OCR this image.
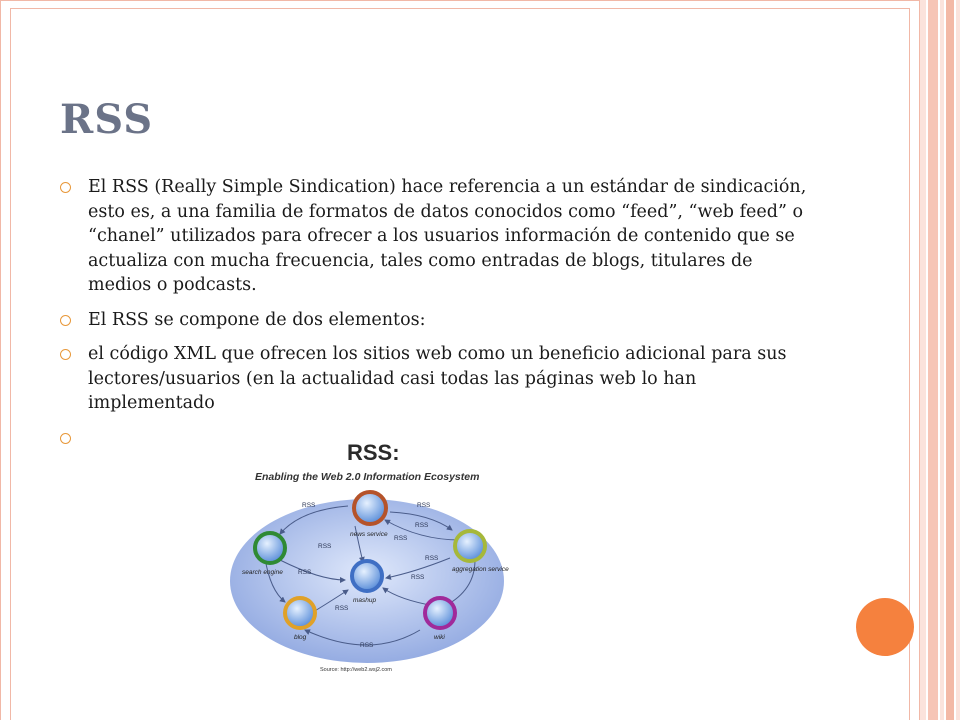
RSS
El RSS (Really Simple Sindication) hace referencia a un estándar de sindicación, esto es, a una familia de formatos de datos conocidos como “feed”, “web feed” o “chanel” utilizados para ofrecer a los usuarios información de contenido que se actualiza con mucha frecuencia, tales como entradas de blogs, titulares de medios o podcasts.
El RSS se compone de dos elementos:
el código XML que ofrecen los sitios web como un beneficio adicional para sus lectores/usuarios (en la actualidad casi todas las páginas web lo han implementado
RSS:
Enabling the Web 2.0 Information Ecosystem
RSS	RSS
RSS
RSS
RSS
RSS
RSS
RSS
RSS
RSS
news service
aggregation service
search engine
mashup
blog	wiki
Source: http://web2.wsj2.com
